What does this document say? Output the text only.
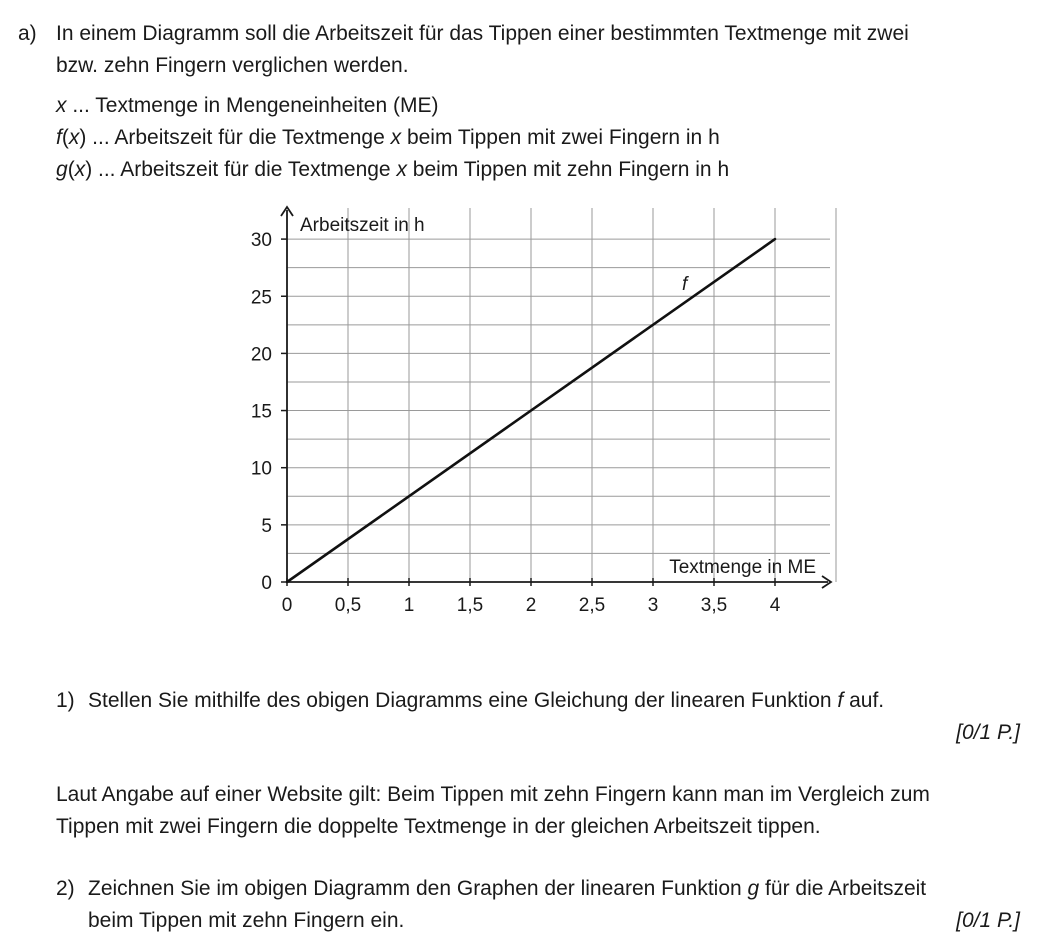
a) In einem Diagramm soll die Arbeitszeit für das Tippen einer bestimmten Textmenge mit zwei
bzw. zehn Fingern verglichen werden.
x ... Textmenge in Mengeneinheiten (ME)
f(x) ... Arbeitszeit für die Textmenge x beim Tippen mit zwei Fingern in h
g(x) ... Arbeitszeit für die Textmenge x beim Tippen mit zehn Fingern in h
0 0,5 1 1,5 2 2,5 3 3,5 4
0
5
10
15
20
25
30
f
Arbeitszeit in h
Textmenge in ME
1) Stellen Sie mithilfe des obigen Diagramms eine Gleichung der linearen Funktion f auf.
[0/1 P.]
Laut Angabe auf einer Website gilt: Beim Tippen mit zehn Fingern kann man im Vergleich zum
Tippen mit zwei Fingern die doppelte Textmenge in der gleichen Arbeitszeit tippen.
2) Zeichnen Sie im obigen Diagramm den Graphen der linearen Funktion g für die Arbeitszeit
beim Tippen mit zehn Fingern ein.	[0/1 P.]
